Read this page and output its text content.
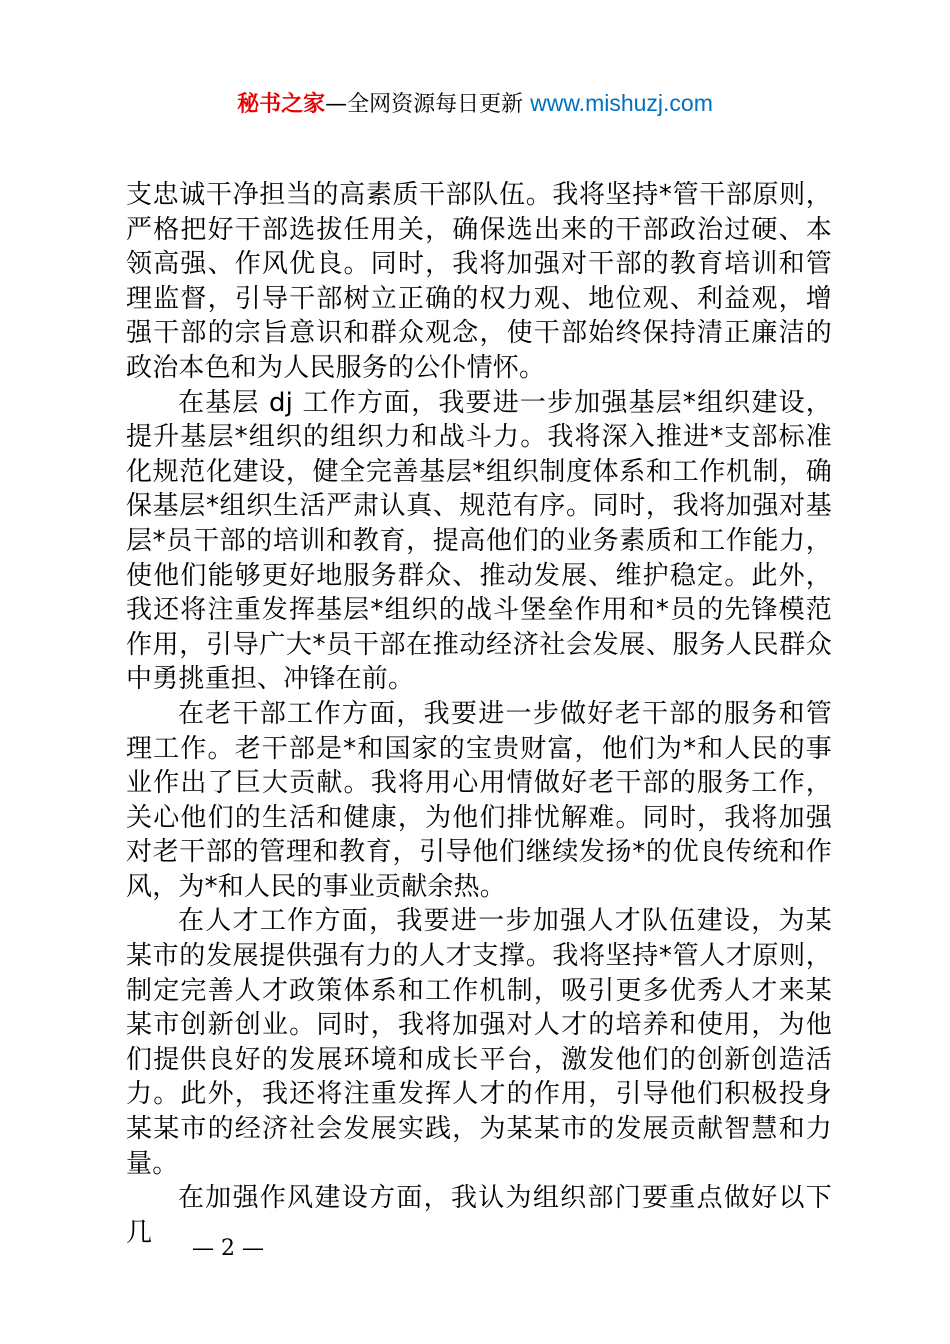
秘书之家—全网资源每日更新 www.mishuzj.com

支忠诚干净担当的高素质干部队伍。我将坚持*管干部原则，严格把好干部选拔任用关，确保选出来的干部政治过硬、本领高强、作风优良。同时，我将加强对干部的教育培训和管理监督，引导干部树立正确的权力观、地位观、利益观，增强干部的宗旨意识和群众观念，使干部始终保持清正廉洁的政治本色和为人民服务的公仆情怀。

在基层 dj 工作方面，我要进一步加强基层*组织建设，提升基层*组织的组织力和战斗力。我将深入推进*支部标准化规范化建设，健全完善基层*组织制度体系和工作机制，确保基层*组织生活严肃认真、规范有序。同时，我将加强对基层*员干部的培训和教育，提高他们的业务素质和工作能力，使他们能够更好地服务群众、推动发展、维护稳定。此外，我还将注重发挥基层*组织的战斗堡垒作用和*员的先锋模范作用，引导广大*员干部在推动经济社会发展、服务人民群众中勇挑重担、冲锋在前。

在老干部工作方面，我要进一步做好老干部的服务和管理工作。老干部是*和国家的宝贵财富，他们为*和人民的事业作出了巨大贡献。我将用心用情做好老干部的服务工作，关心他们的生活和健康，为他们排忧解难。同时，我将加强对老干部的管理和教育，引导他们继续发扬*的优良传统和作风，为*和人民的事业贡献余热。

在人才工作方面，我要进一步加强人才队伍建设，为某某市的发展提供强有力的人才支撑。我将坚持*管人才原则，制定完善人才政策体系和工作机制，吸引更多优秀人才来某某市创新创业。同时，我将加强对人才的培养和使用，为他们提供良好的发展环境和成长平台，激发他们的创新创造活力。此外，我还将注重发挥人才的作用，引导他们积极投身某某市的经济社会发展实践，为某某市的发展贡献智慧和力量。

在加强作风建设方面，我认为组织部门要重点做好以下几

— 2 —
